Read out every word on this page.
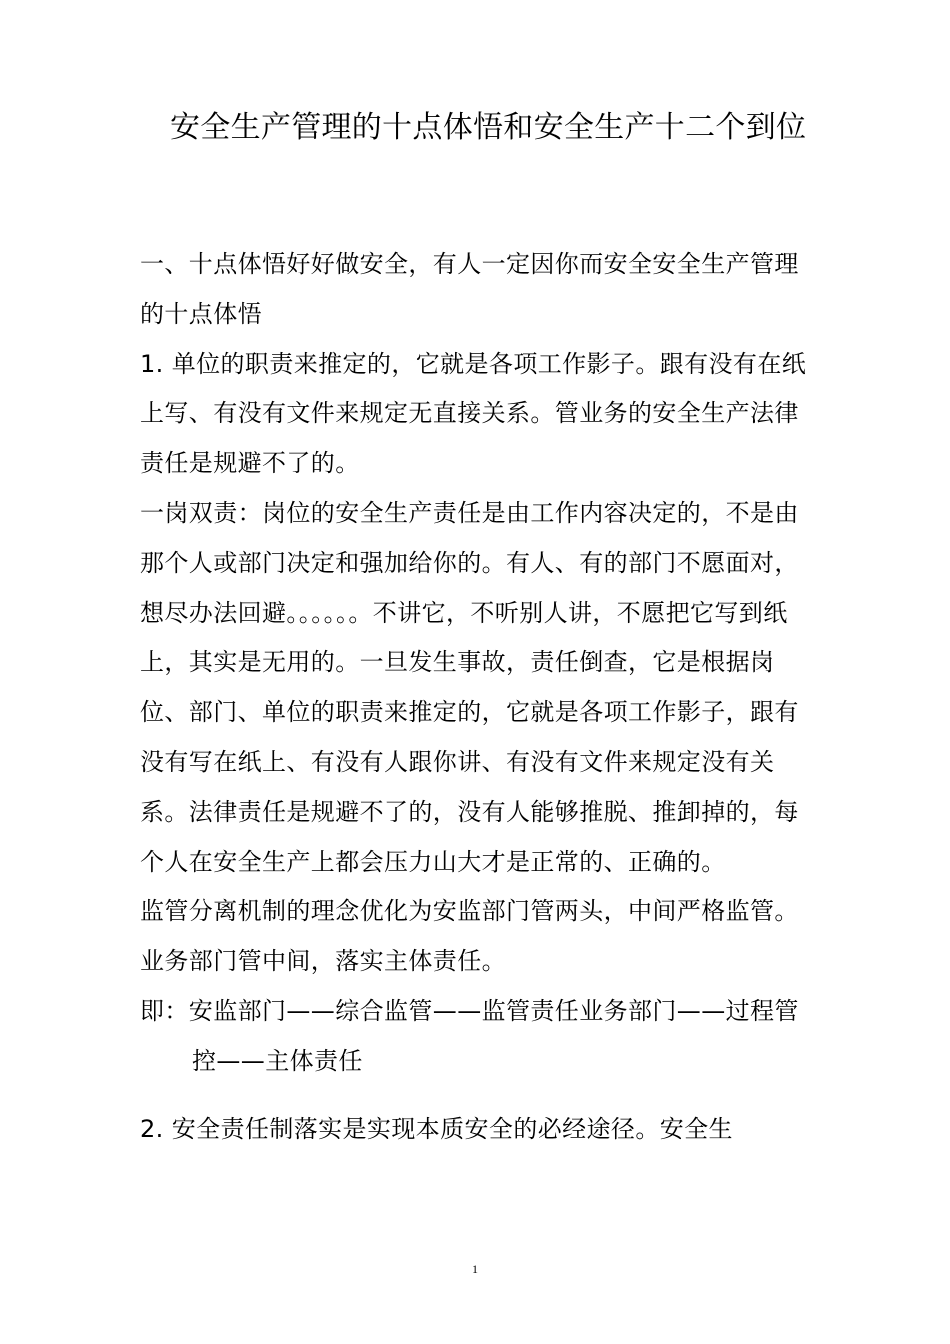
安全生产管理的十点体悟和安全生产十二个到位

一、十点体悟好好做安全，有人一定因你而安全安全生产管理的十点体悟

1. 单位的职责来推定的，它就是各项工作影子。跟有没有在纸上写、有没有文件来规定无直接关系。管业务的安全生产法律责任是规避不了的。

一岗双责：岗位的安全生产责任是由工作内容决定的，不是由那个人或部门决定和强加给你的。有人、有的部门不愿面对，想尽办法回避。。。。。。不讲它，不听别人讲，不愿把它写到纸上，其实是无用的。一旦发生事故，责任倒查，它是根据岗位、部门、单位的职责来推定的，它就是各项工作影子，跟有没有写在纸上、有没有人跟你讲、有没有文件来规定没有关系。法律责任是规避不了的，没有人能够推脱、推卸掉的，每个人在安全生产上都会压力山大才是正常的、正确的。

监管分离机制的理念优化为安监部门管两头，中间严格监管。业务部门管中间，落实主体责任。

即：安监部门——综合监管——监管责任业务部门——过程管控——主体责任

2. 安全责任制落实是实现本质安全的必经途径。安全生

1
